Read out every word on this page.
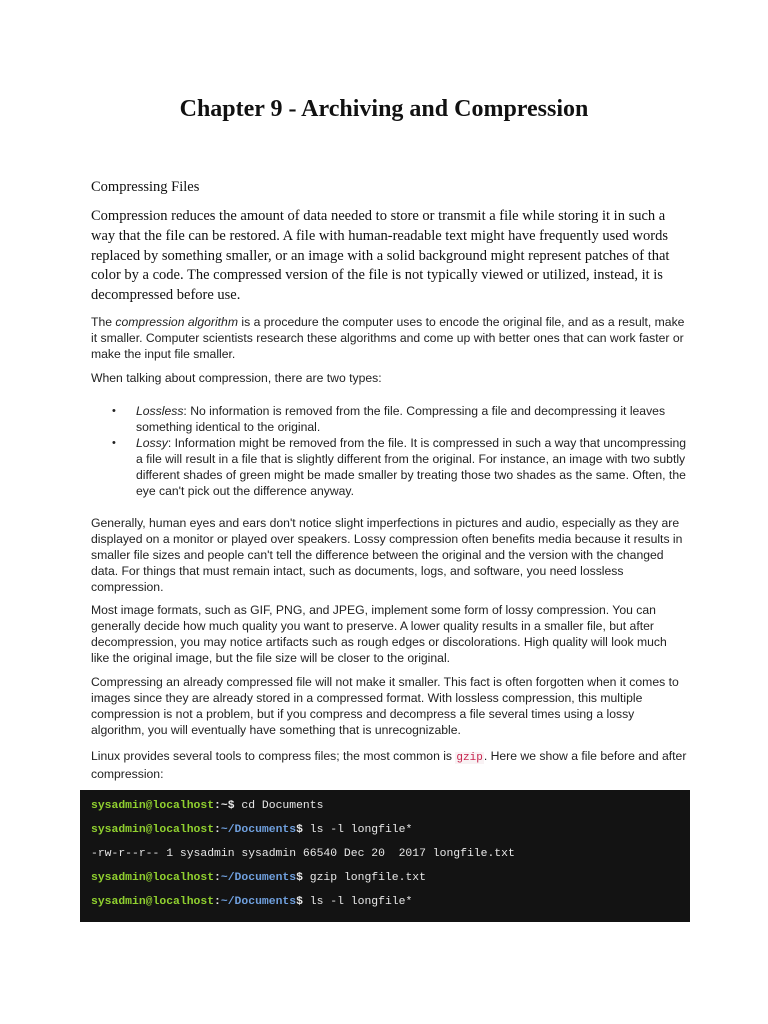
Chapter 9 - Archiving and Compression

Compressing Files

Compression reduces the amount of data needed to store or transmit a file while storing it in such a way that the file can be restored. A file with human-readable text might have frequently used words replaced by something smaller, or an image with a solid background might represent patches of that color by a code. The compressed version of the file is not typically viewed or utilized, instead, it is decompressed before use.

The compression algorithm is a procedure the computer uses to encode the original file, and as a result, make it smaller. Computer scientists research these algorithms and come up with better ones that can work faster or make the input file smaller.

When talking about compression, there are two types:

• Lossless: No information is removed from the file. Compressing a file and decompressing it leaves something identical to the original.
• Lossy: Information might be removed from the file. It is compressed in such a way that uncompressing a file will result in a file that is slightly different from the original. For instance, an image with two subtly different shades of green might be made smaller by treating those two shades as the same. Often, the eye can't pick out the difference anyway.

Generally, human eyes and ears don't notice slight imperfections in pictures and audio, especially as they are displayed on a monitor or played over speakers. Lossy compression often benefits media because it results in smaller file sizes and people can't tell the difference between the original and the version with the changed data. For things that must remain intact, such as documents, logs, and software, you need lossless compression.

Most image formats, such as GIF, PNG, and JPEG, implement some form of lossy compression. You can generally decide how much quality you want to preserve. A lower quality results in a smaller file, but after decompression, you may notice artifacts such as rough edges or discolorations. High quality will look much like the original image, but the file size will be closer to the original.

Compressing an already compressed file will not make it smaller. This fact is often forgotten when it comes to images since they are already stored in a compressed format. With lossless compression, this multiple compression is not a problem, but if you compress and decompress a file several times using a lossy algorithm, you will eventually have something that is unrecognizable.

Linux provides several tools to compress files; the most common is gzip. Here we show a file before and after compression:

sysadmin@localhost:~$ cd Documents
sysadmin@localhost:~/Documents$ ls -l longfile*
-rw-r--r-- 1 sysadmin sysadmin 66540 Dec 20  2017 longfile.txt
sysadmin@localhost:~/Documents$ gzip longfile.txt
sysadmin@localhost:~/Documents$ ls -l longfile*
